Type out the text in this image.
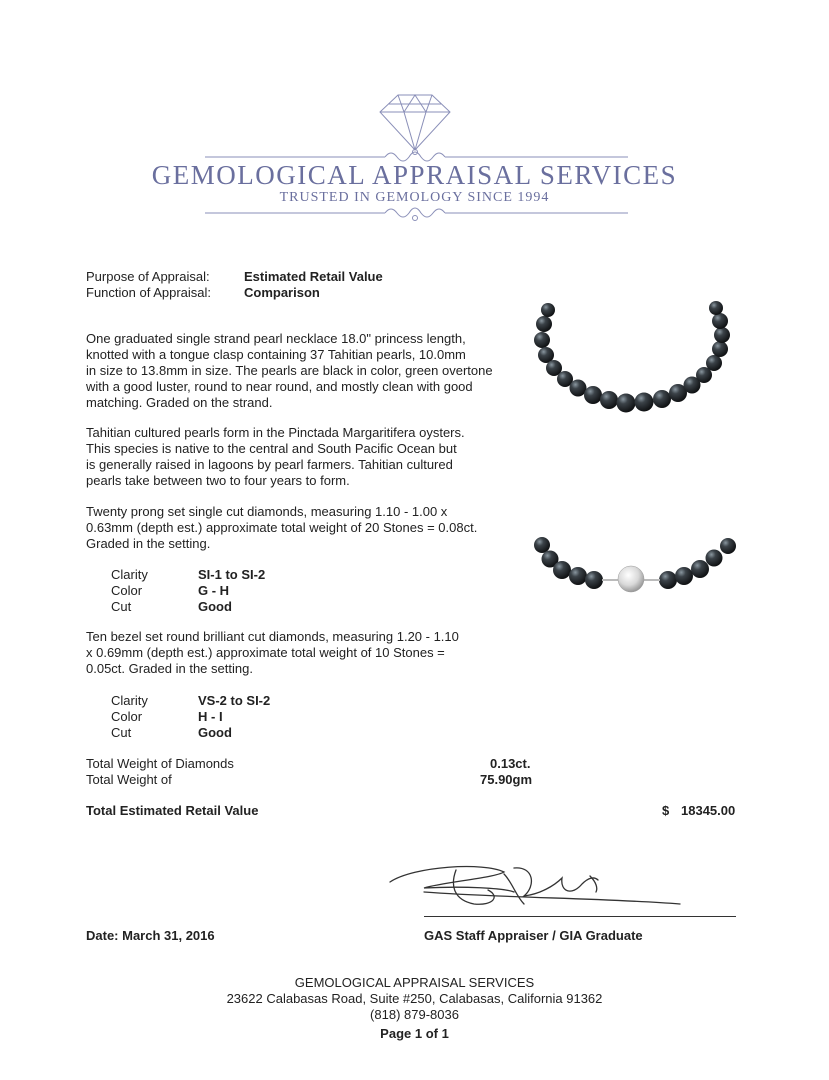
GEMOLOGICAL APPRAISAL SERVICES
TRUSTED IN GEMOLOGY SINCE 1994
Purpose of Appraisal:	Estimated Retail Value
Function of Appraisal:	Comparison
One graduated single strand pearl necklace 18.0" princess length,
knotted with a tongue clasp containing 37 Tahitian pearls, 10.0mm
in size to 13.8mm in size. The pearls are black in color, green overtone
with a good luster, round to near round, and mostly clean with good
matching. Graded on the strand.
Tahitian cultured pearls form in the Pinctada Margaritifera oysters.
This species is native to the central and South Pacific Ocean but
is generally raised in lagoons by pearl farmers. Tahitian cultured
pearls take between two to four years to form.
Twenty prong set single cut diamonds, measuring 1.10 - 1.00 x
0.63mm (depth est.) approximate total weight of 20 Stones = 0.08ct.
Graded in the setting.
Clarity	SI-1 to SI-2
Color	G - H
Cut	Good
Ten bezel set round brilliant cut diamonds, measuring 1.20 - 1.10
x 0.69mm (depth est.) approximate total weight of 10 Stones =
0.05ct. Graded in the setting.
Clarity	VS-2 to SI-2
Color	H - I
Cut	Good
Total Weight of Diamonds	0.13ct.
Total Weight of	75.90gm
Total Estimated Retail Value	$ 18345.00
Date: March 31, 2016	GAS Staff Appraiser / GIA Graduate
GEMOLOGICAL APPRAISAL SERVICES
23622 Calabasas Road, Suite #250, Calabasas, California 91362
(818) 879-8036
Page 1 of 1
